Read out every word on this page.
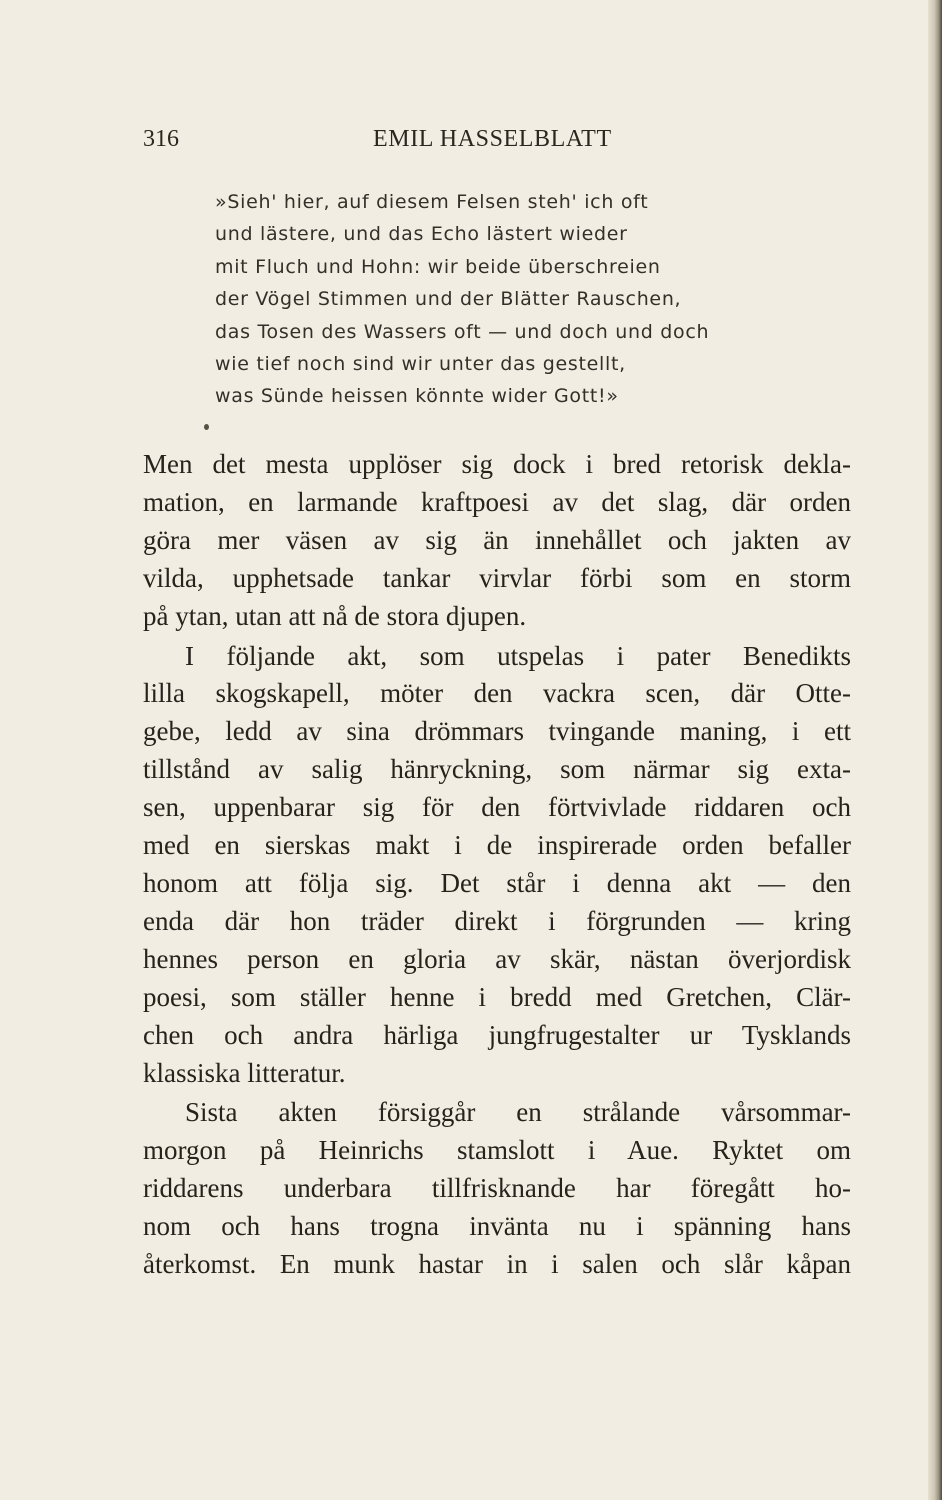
316	EMIL HASSELBLATT
»Sieh' hier, auf diesem Felsen steh' ich oft
und lästere, und das Echo lästert wieder
mit Fluch und Hohn: wir beide überschreien
der Vögel Stimmen und der Blätter Rauschen,
das Tosen des Wassers oft — und doch und doch
wie tief noch sind wir unter das gestellt,
was Sünde heissen könnte wider Gott!»
Men det mesta upplöser sig dock i bred retorisk dekla-
mation, en larmande kraftpoesi av det slag, där orden
göra mer väsen av sig än innehållet och jakten av
vilda, upphetsade tankar virvlar förbi som en storm
på ytan, utan att nå de stora djupen.
I följande akt, som utspelas i pater Benedikts
lilla skogskapell, möter den vackra scen, där Otte-
gebe, ledd av sina drömmars tvingande maning, i ett
tillstånd av salig hänryckning, som närmar sig exta-
sen, uppenbarar sig för den förtvivlade riddaren och
med en sierskas makt i de inspirerade orden befaller
honom att följa sig. Det står i denna akt — den
enda där hon träder direkt i förgrunden — kring
hennes person en gloria av skär, nästan överjordisk
poesi, som ställer henne i bredd med Gretchen, Clär-
chen och andra härliga jungfrugestalter ur Tysklands
klassiska litteratur.
Sista akten försiggår en strålande vårsommar-
morgon på Heinrichs stamslott i Aue. Ryktet om
riddarens underbara tillfrisknande har föregått ho-
nom och hans trogna invänta nu i spänning hans
återkomst. En munk hastar in i salen och slår kåpan
